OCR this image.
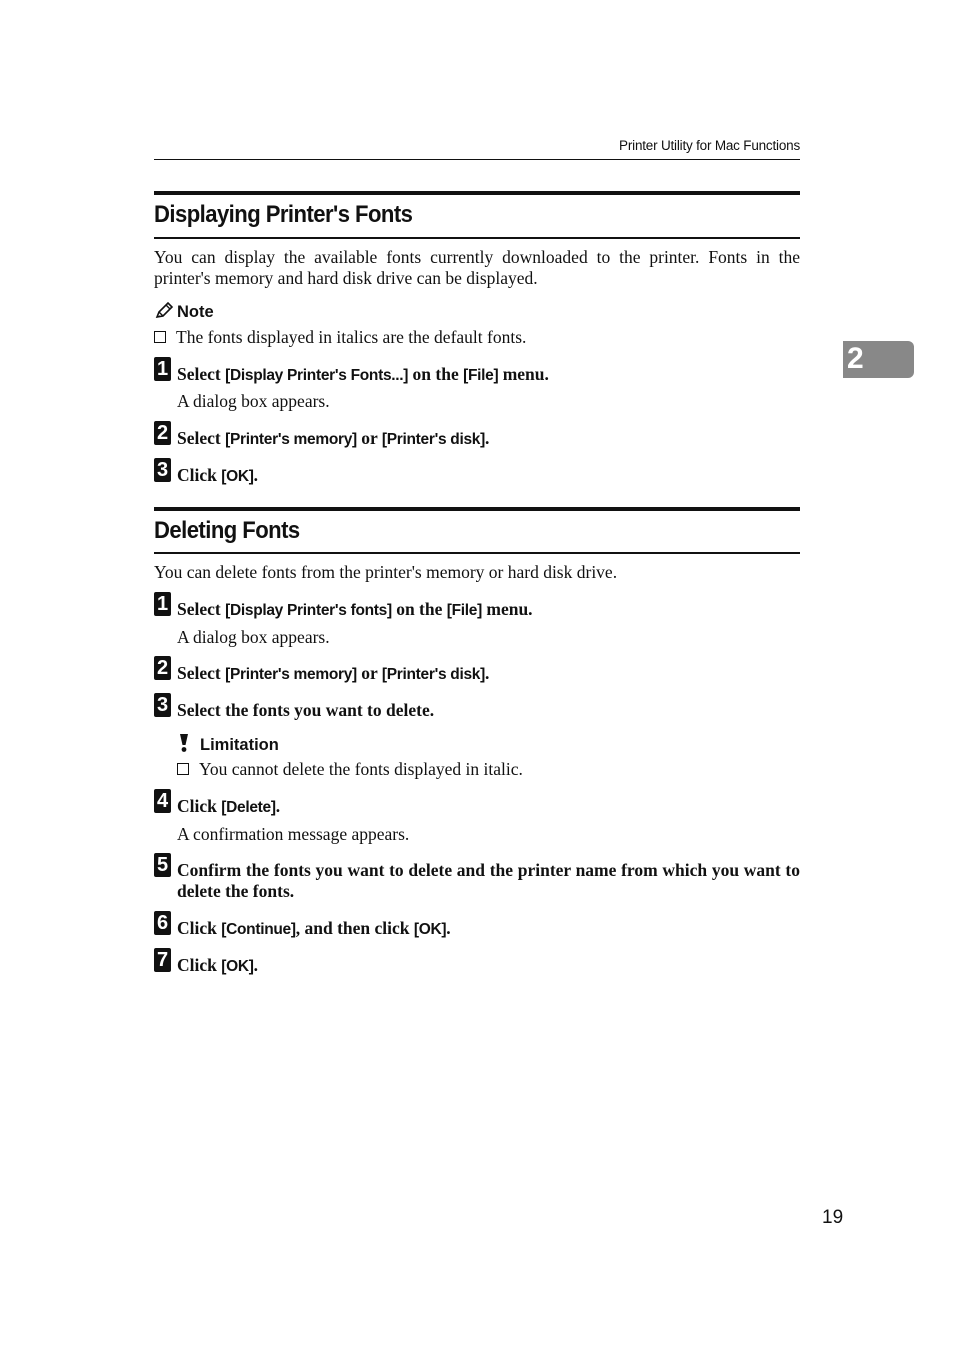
Printer Utility for Mac Functions
2
Displaying Printer's Fonts
You can display the available fonts currently downloaded to the printer. Fonts in the printer's memory and hard disk drive can be displayed.
Note
The fonts displayed in italics are the default fonts.
1 Select [Display Printer's Fonts...] on the [File] menu.
A dialog box appears.
2 Select [Printer's memory] or [Printer's disk].
3 Click [OK].
Deleting Fonts
You can delete fonts from the printer's memory or hard disk drive.
1 Select [Display Printer's fonts] on the [File] menu.
A dialog box appears.
2 Select [Printer's memory] or [Printer's disk].
3 Select the fonts you want to delete.
Limitation
You cannot delete the fonts displayed in italic.
4 Click [Delete].
A confirmation message appears.
5 Confirm the fonts you want to delete and the printer name from which you want to delete the fonts.
6 Click [Continue], and then click [OK].
7 Click [OK].
19
